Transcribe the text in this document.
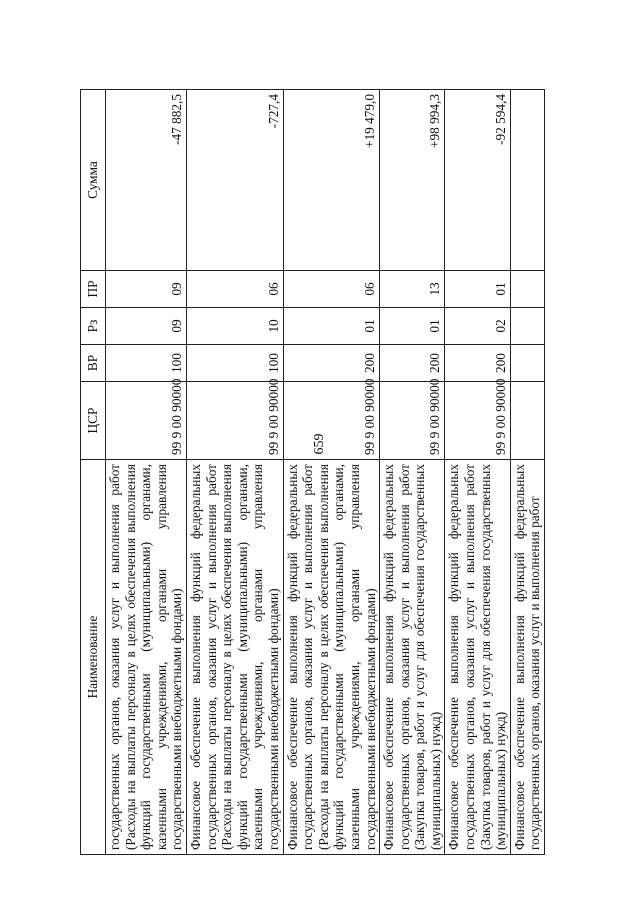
659
Наименование	ЦСР	ВР	Рз	ПР	Сумма
государственных органов, оказания услуг и выполнения работ (Расходы на выплаты персоналу в целях обеспечения выполнения функций государственными (муниципальными) органами, казенными учреждениями, органами управления государственными внебюджетными фондами)	99 9 00 90000	100	09	09	-47 882,5
Финансовое обеспечение выполнения функций федеральных государственных органов, оказания услуг и выполнения работ (Расходы на выплаты персоналу в целях обеспечения выполнения функций государственными (муниципальными) органами, казенными учреждениями, органами управления государственными внебюджетными фондами)	99 9 00 90000	100	10	06	-727,4
Финансовое обеспечение выполнения функций федеральных государственных органов, оказания услуг и выполнения работ (Расходы на выплаты персоналу в целях обеспечения выполнения функций государственными (муниципальными) органами, казенными учреждениями, органами управления государственными внебюджетными фондами)	99 9 00 90000	200	01	06	+19 479,0
Финансовое обеспечение выполнения функций федеральных государственных органов, оказания услуг и выполнения работ (Закупка товаров, работ и услуг для обеспечения государственных (муниципальных) нужд)	99 9 00 90000	200	01	13	+98 994,3
Финансовое обеспечение выполнения функций федеральных государственных органов, оказания услуг и выполнения работ (Закупка товаров, работ и услуг для обеспечения государственных (муниципальных) нужд)	99 9 00 90000	200	02	01	-92 594,4
Финансовое обеспечение выполнения функций федеральных государственных органов, оказания услуг и выполнения работ					
